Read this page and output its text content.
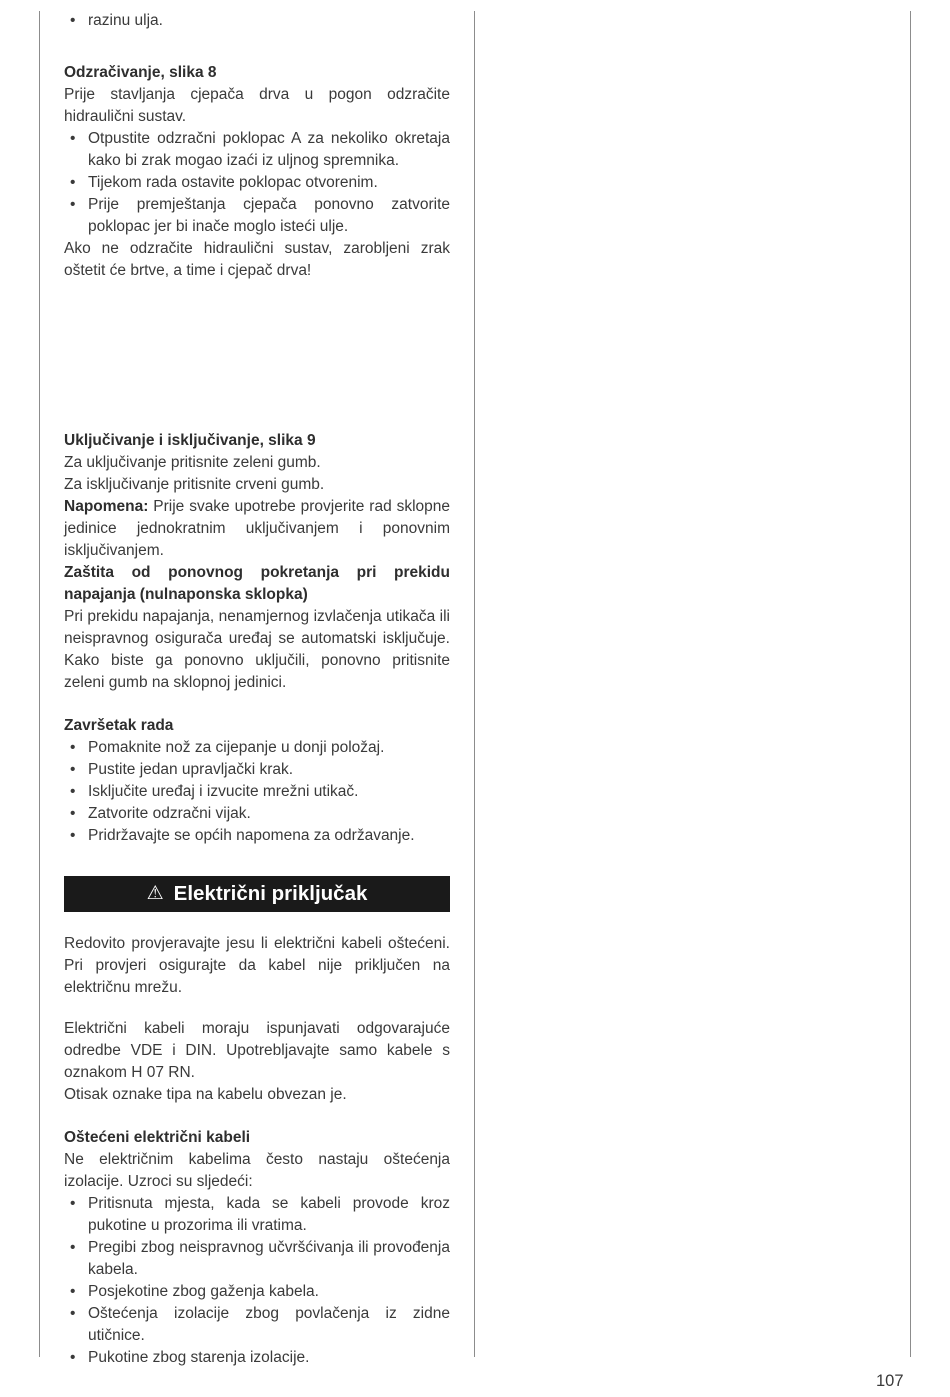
• razinu ulja.
Odzračivanje, slika 8

Prije stavljanja cjepača drva u pogon odzračite hidraulični sustav.

• Otpustite odzračni poklopac A za nekoliko okretaja kako bi zrak mogao izaći iz uljnog spremnika.
• Tijekom rada ostavite poklopac otvorenim.
• Prije premještanja cjepača ponovno zatvorite poklopac jer bi inače moglo isteći ulje.

Ako ne odzračite hidraulični sustav, zarobljeni zrak oštetit će brtve, a time i cjepač drva!

Uključivanje i isključivanje, slika 9

Za uključivanje pritisnite zeleni gumb.

Za isključivanje pritisnite crveni gumb.

Napomena: Prije svake upotrebe provjerite rad sklopne jedinice jednokratnim uključivanjem i ponovnim isključivanjem.

Zaštita od ponovnog pokretanja pri prekidu napajanja (nulnaponska sklopka)

Pri prekidu napajanja, nenamjernog izvlačenja utikača ili neispravnog osigurača uređaj se automatski isključuje. Kako biste ga ponovno uključili, ponovno pritisnite zeleni gumb na sklopnoj jedinici.

Završetak rada
• Pomaknite nož za cijepanje u donji položaj.
• Pustite jedan upravljački krak.
• Isključite uređaj i izvucite mrežni utikač.
• Zatvorite odzračni vijak.
• Pridržavajte se općih napomena za održavanje.
⚠ Električni priključak

Redovito provjeravajte jesu li električni kabeli oštećeni. Pri provjeri osigurajte da kabel nije priključen na električnu mrežu.

Električni kabeli moraju ispunjavati odgovarajuće odredbe VDE i DIN. Upotrebljavajte samo kabele s oznakom H 07 RN.

Otisak oznake tipa na kabelu obvezan je.

Oštećeni električni kabeli

Ne električnim kabelima često nastaju oštećenja izolacije. Uzroci su sljedeći:

• Pritisnuta mjesta, kada se kabeli provode kroz pukotine u prozorima ili vratima.
• Pregibi zbog neispravnog učvršćivanja ili provođenja kabela.
• Posjekotine zbog gaženja kabela.
• Oštećenja izolacije zbog povlačenja iz zidne utičnice.
• Pukotine zbog starenja izolacije.
107
